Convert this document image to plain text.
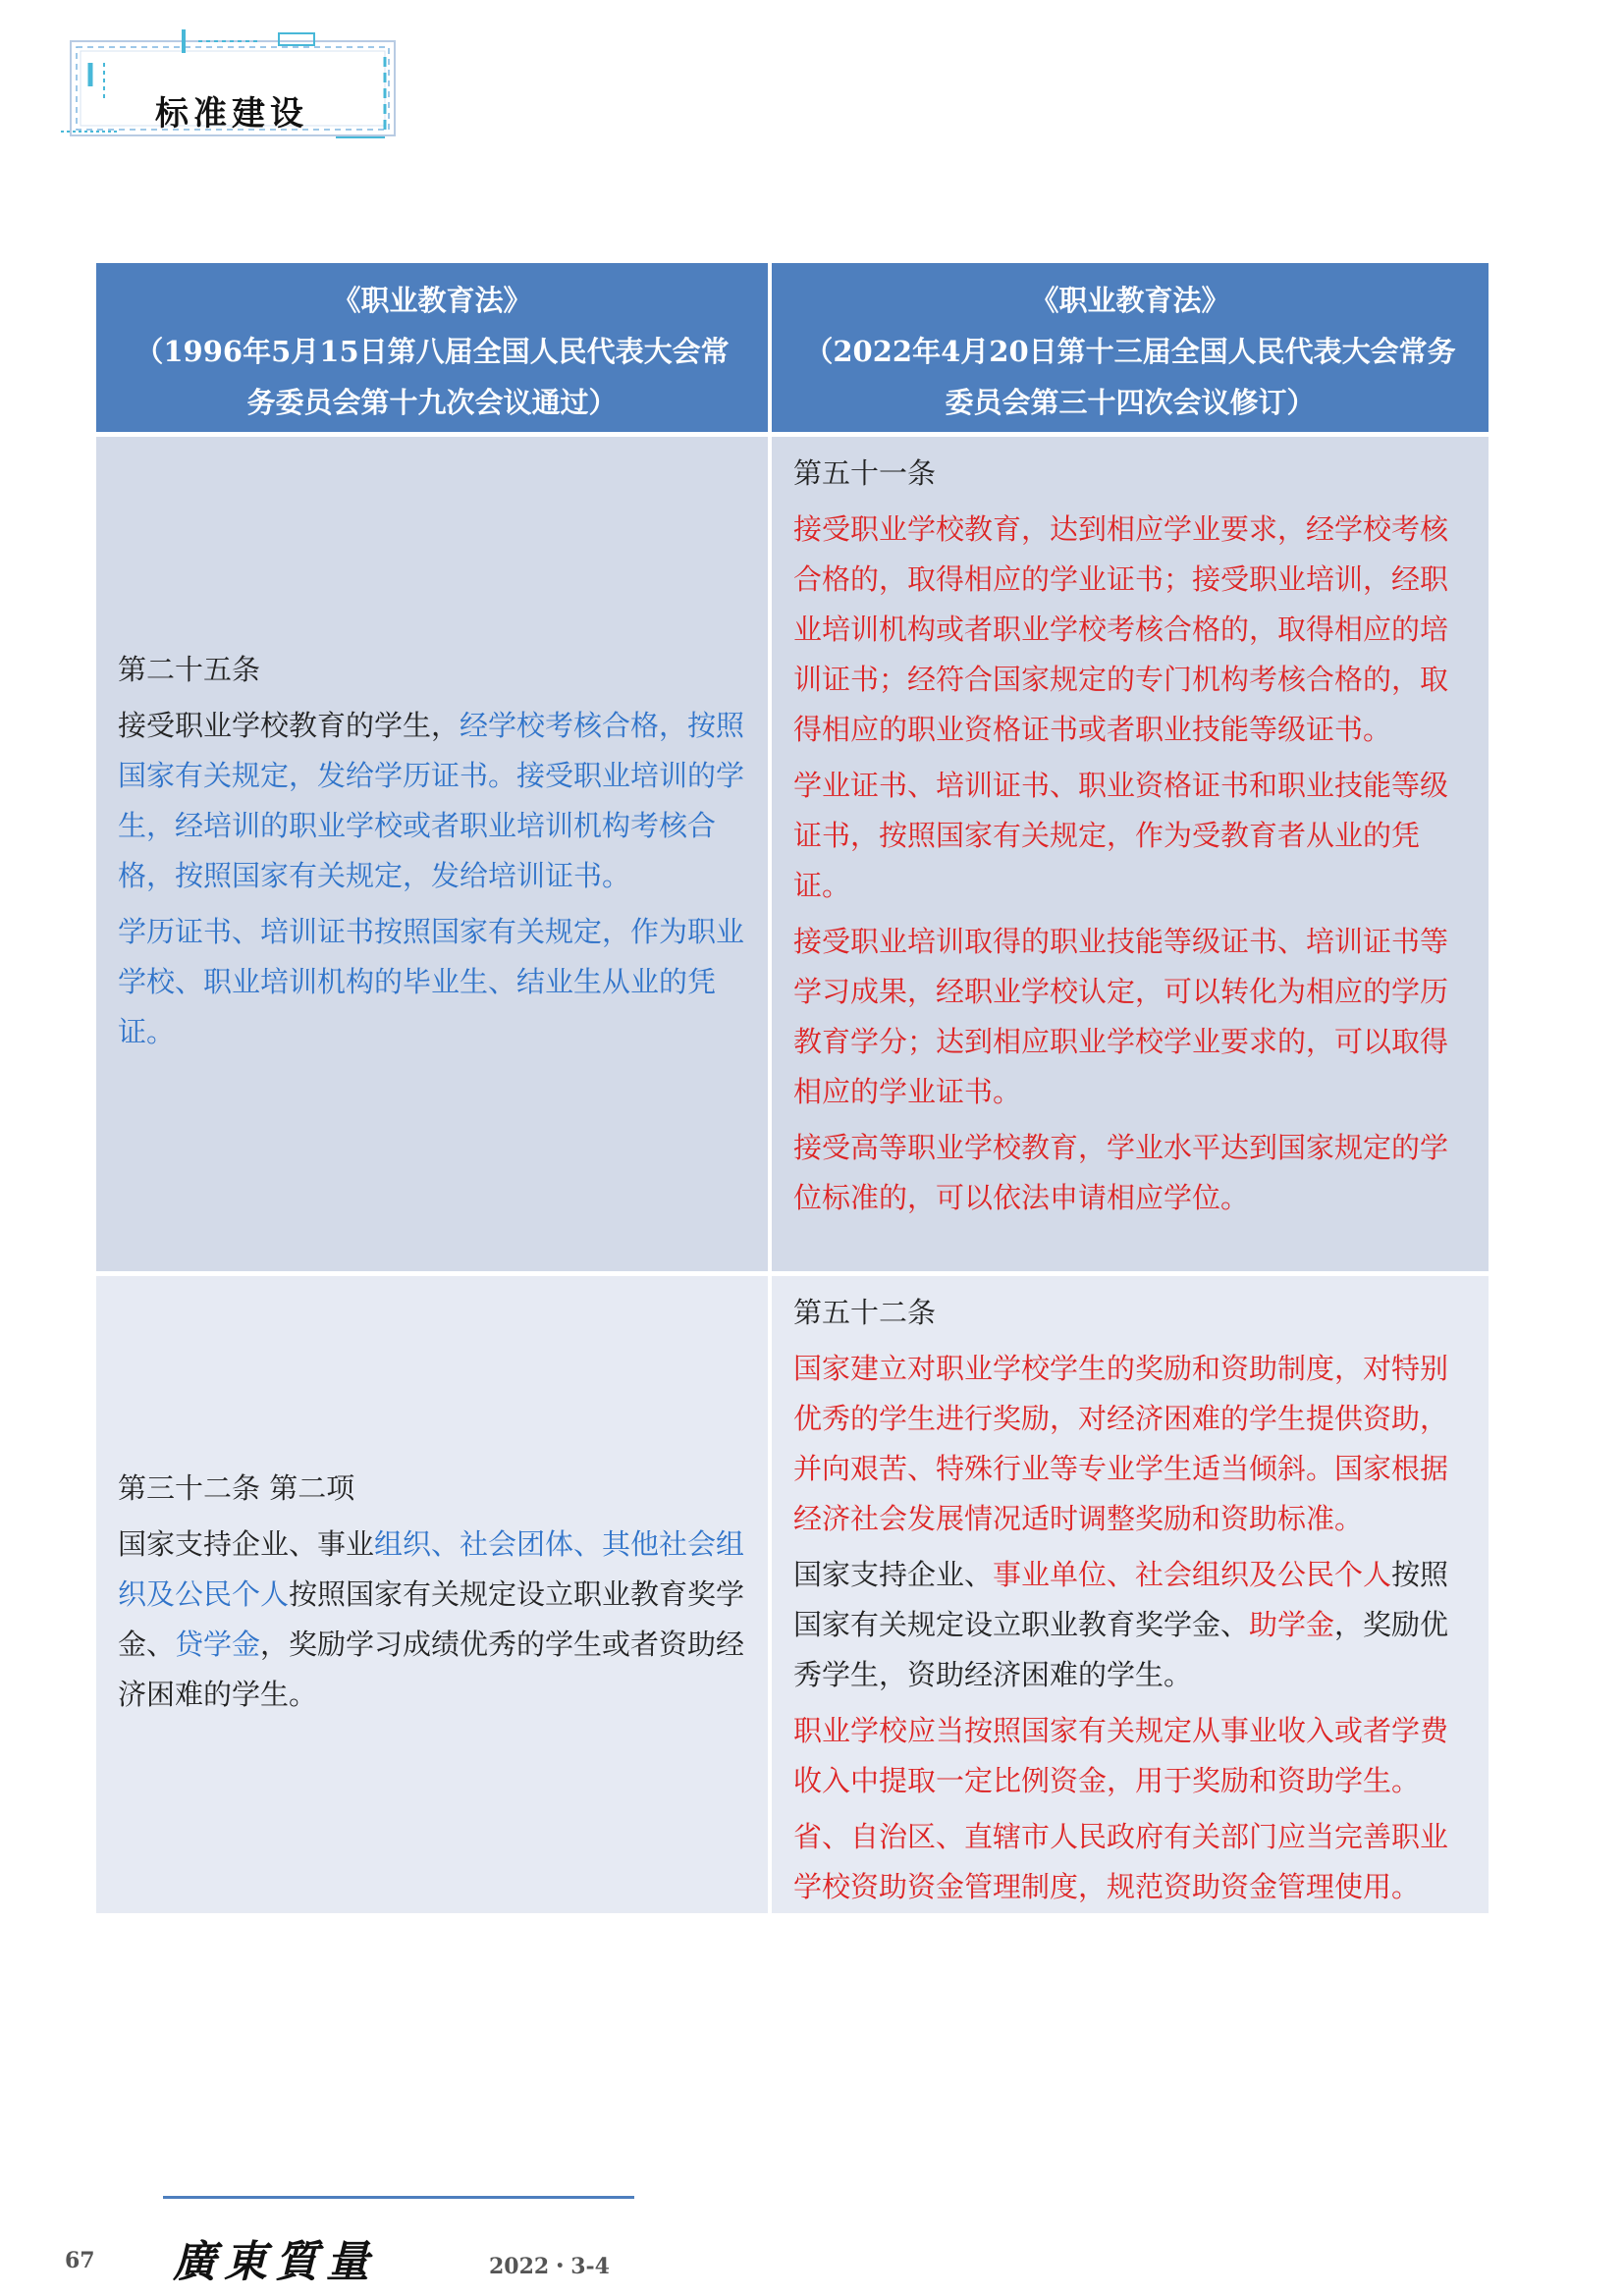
标准建设
《职业教育法》
（1996年5月15日第八届全国人民代表大会常
务委员会第十九次会议通过）
《职业教育法》
（2022年4月20日第十三届全国人民代表大会常务
委员会第三十四次会议修订）

第二十五条

接受职业学校教育的学生，经学校考核合格，按照国家有关规定，发给学历证书。接受职业培训的学生，经培训的职业学校或者职业培训机构考核合格，按照国家有关规定，发给培训证书。

学历证书、培训证书按照国家有关规定，作为职业学校、职业培训机构的毕业生、结业生从业的凭证。

第五十一条

接受职业学校教育，达到相应学业要求，经学校考核合格的，取得相应的学业证书；接受职业培训，经职业培训机构或者职业学校考核合格的，取得相应的培训证书；经符合国家规定的专门机构考核合格的，取得相应的职业资格证书或者职业技能等级证书。

学业证书、培训证书、职业资格证书和职业技能等级证书，按照国家有关规定，作为受教育者从业的凭证。

接受职业培训取得的职业技能等级证书、培训证书等学习成果，经职业学校认定，可以转化为相应的学历教育学分；达到相应职业学校学业要求的，可以取得相应的学业证书。

接受高等职业学校教育，学业水平达到国家规定的学位标准的，可以依法申请相应学位。

第三十二条 第二项

国家支持企业、事业组织、社会团体、其他社会组织及公民个人按照国家有关规定设立职业教育奖学金、贷学金，奖励学习成绩优秀的学生或者资助经济困难的学生。

第五十二条

国家建立对职业学校学生的奖励和资助制度，对特别优秀的学生进行奖励，对经济困难的学生提供资助，并向艰苦、特殊行业等专业学生适当倾斜。国家根据经济社会发展情况适时调整奖励和资助标准。

国家支持企业、事业单位、社会组织及公民个人按照国家有关规定设立职业教育奖学金、助学金，奖励优秀学生，资助经济困难的学生。

职业学校应当按照国家有关规定从事业收入或者学费收入中提取一定比例资金，用于奖励和资助学生。

省、自治区、直辖市人民政府有关部门应当完善职业学校资助资金管理制度，规范资助资金管理使用。

67 廣東質量	2022・3-4
